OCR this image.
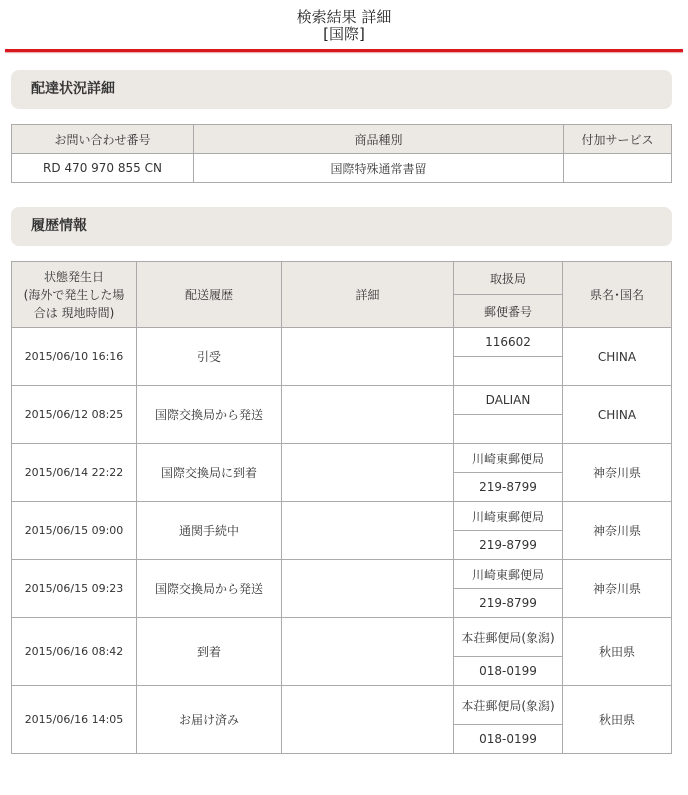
検索結果 詳細
[国際]
配達状況詳細
お問い合わせ番号	商品種別	付加サービス
RD 470 970 855 CN	国際特殊通常書留	
履歴情報
状態発生日
(海外で発生した場
合は 現地時間)	配送履歴	詳細	取扱局	県名･国名
			郵便番号	
2015/06/10 16:16	引受		116602	CHINA

2015/06/12 08:25	国際交換局から発送		DALIAN	CHINA

2015/06/14 22:22	国際交換局に到着		川崎東郵便局	神奈川県
			219-8799	
2015/06/15 09:00	通関手続中		川崎東郵便局	神奈川県
			219-8799	
2015/06/15 09:23	国際交換局から発送		川崎東郵便局	神奈川県
			219-8799	
2015/06/16 08:42	到着		本荘郵便局(象潟)	秋田県
			018-0199	
2015/06/16 14:05	お届け済み		本荘郵便局(象潟)	秋田県
			018-0199	
